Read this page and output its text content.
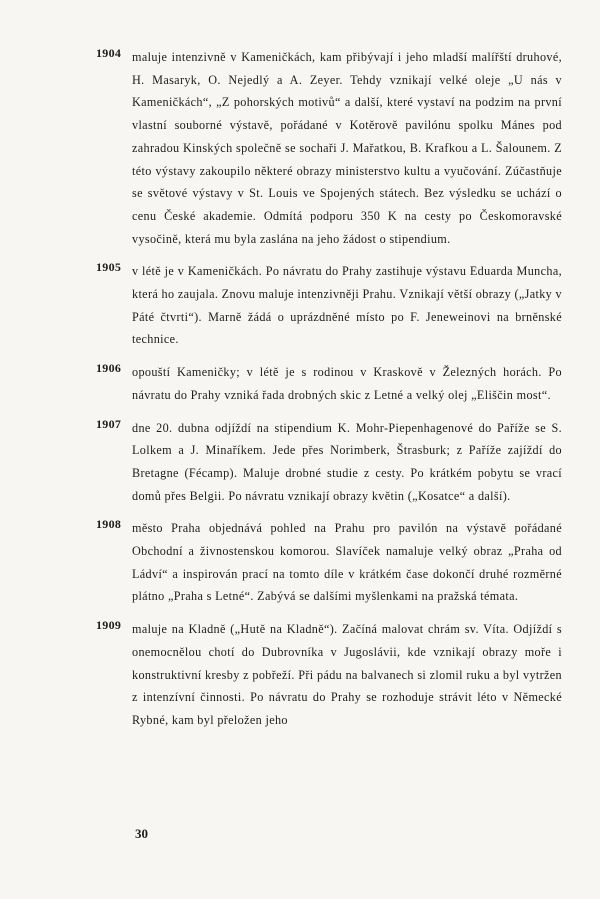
1904 maluje intenzivně v Kameničkách, kam přibývají i jeho mladší malířští druhové, H. Masaryk, O. Nejedlý a A. Zeyer. Tehdy vznikají velké oleje „U nás v Kameničkách“, „Z pohorských motivů“ a další, které vystaví na podzim na první vlastní souborné výstavě, pořádané v Kotěrově pavilónu spolku Mánes pod zahradou Kinských společně se sochaři J. Mařatkou, B. Krafkou a L. Šalounem. Z této výstavy zakoupilo některé obrazy ministerstvo kultu a vyučování. Zúčastňuje se světové výstavy v St. Louis ve Spojených státech. Bez výsledku se uchází o cenu České akademie. Odmítá podporu 350 K na cesty po Českomoravské vysočině, která mu byla zaslána na jeho žádost o stipendium.
1905 v létě je v Kameničkách. Po návratu do Prahy zastihuje výstavu Eduarda Muncha, která ho zaujala. Znovu maluje intenzivněji Prahu. Vznikají větší obrazy („Jatky v Páté čtvrti“). Marně žádá o uprázdněné místo po F. Jeneweinovi na brněnské technice.
1906 opouští Kameničky; v létě je s rodinou v Kraskově v Železných horách. Po návratu do Prahy vzniká řada drobných skic z Letné a velký olej „Eliščin most“.
1907 dne 20. dubna odjíždí na stipendium K. Mohr-Piepenhagenové do Paříže se S. Lolkem a J. Minaříkem. Jede přes Norimberk, Štrasburk; z Paříže zajíždí do Bretagne (Fécamp). Maluje drobné studie z cesty. Po krátkém pobytu se vrací domů přes Belgii. Po návratu vznikají obrazy květin („Kosatce“ a další).
1908 město Praha objednává pohled na Prahu pro pavilón na výstavě pořádané Obchodní a živnostenskou komorou. Slavíček namaluje velký obraz „Praha od Ládví“ a inspirován prací na tomto díle v krátkém čase dokončí druhé rozměrné plátno „Praha s Letné“. Zabývá se dalšími myšlenkami na pražská témata.
1909 maluje na Kladně („Hutě na Kladně“). Začíná malovat chrám sv. Víta. Odjíždí s onemocnělou chotí do Dubrovníka v Jugoslávii, kde vznikají obrazy moře i konstruktivní kresby z pobřeží. Při pádu na balvanech si zlomil ruku a byl vytržen z intenzívní činnosti. Po návratu do Prahy se rozhoduje strávit léto v Německé Rybné, kam byl přeložen jeho
30
